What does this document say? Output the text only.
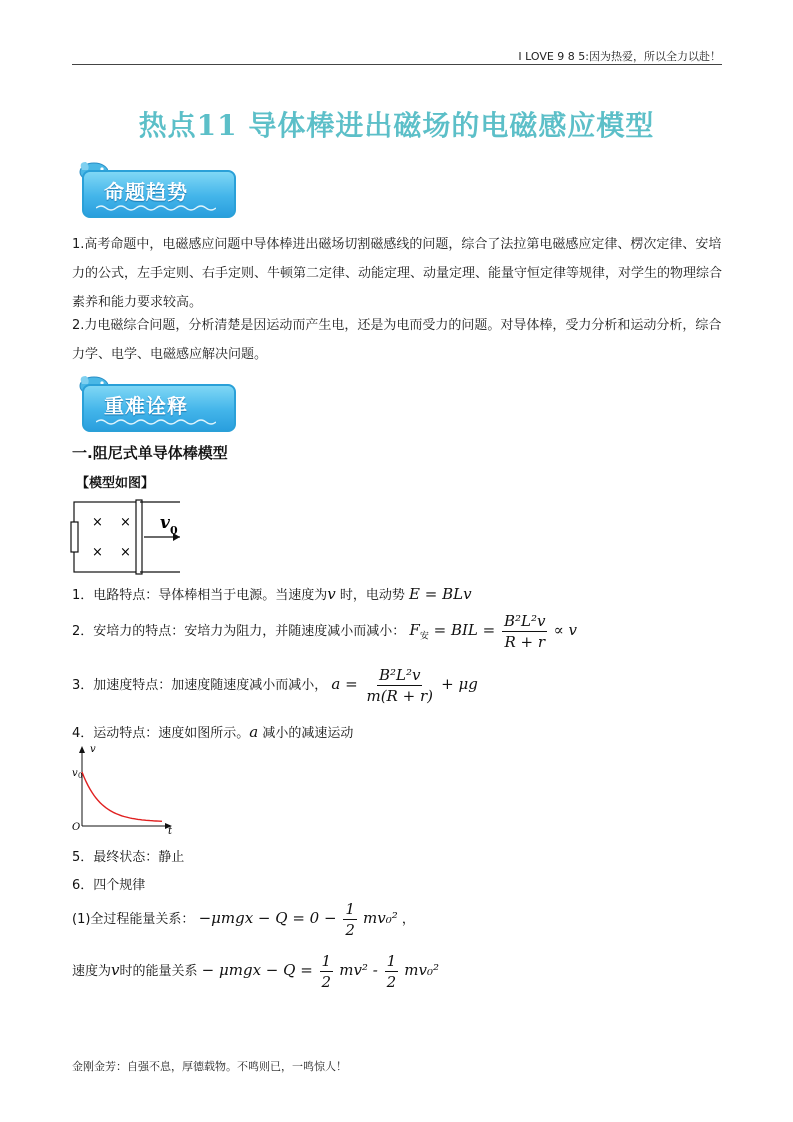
I LOVE 9 8 5:因为热爱，所以全力以赴！
热点11 导体棒进出磁场的电磁感应模型
命题趋势
1.高考命题中，电磁感应问题中导体棒进出磁场切割磁感线的问题，综合了法拉第电磁感应定律、楞次定律、安培力的公式，左手定则、右手定则、牛顿第二定律、动能定理、动量定理、能量守恒定律等规律，对学生的物理综合素养和能力要求较高。
2.力电磁综合问题，分析清楚是因运动而产生电，还是为电而受力的问题。对导体棒，受力分析和运动分析，综合力学、电学、电磁感应解决问题。
重难诠释
一.阻尼式单导体棒模型
【模型如图】
× ×
× ×
v 0
1．电路特点：导体棒相当于电源。当速度为v 时，电动势 E = BLv
2．安培力的特点：安培力为阻力，并随速度减小而减小： $F_安$ = BIL = $\frac{\text{B²L²v}}{R + r} \propto v$
3．加速度特点：加速度随速度减小而减小， $a = \frac{\text{B²L²v}}{m(R + r)} + \mu g$
4．运动特点：速度如图所示。a 减小的减速运动
v
t
O
v 0
5．最终状态：静止
6．四个规律
(1)全过程能量关系： $-\mu mgx - Q = 0 - \frac{1}{2} mv_0^2$ ，
速度为v时的能量关系 − $\mu mgx - Q = \frac{1}{2} mv^2 - \frac{1}{2} mv_0^2$
金刚金芳：自强不息，厚德载物。不鸣则已，一鸣惊人！
